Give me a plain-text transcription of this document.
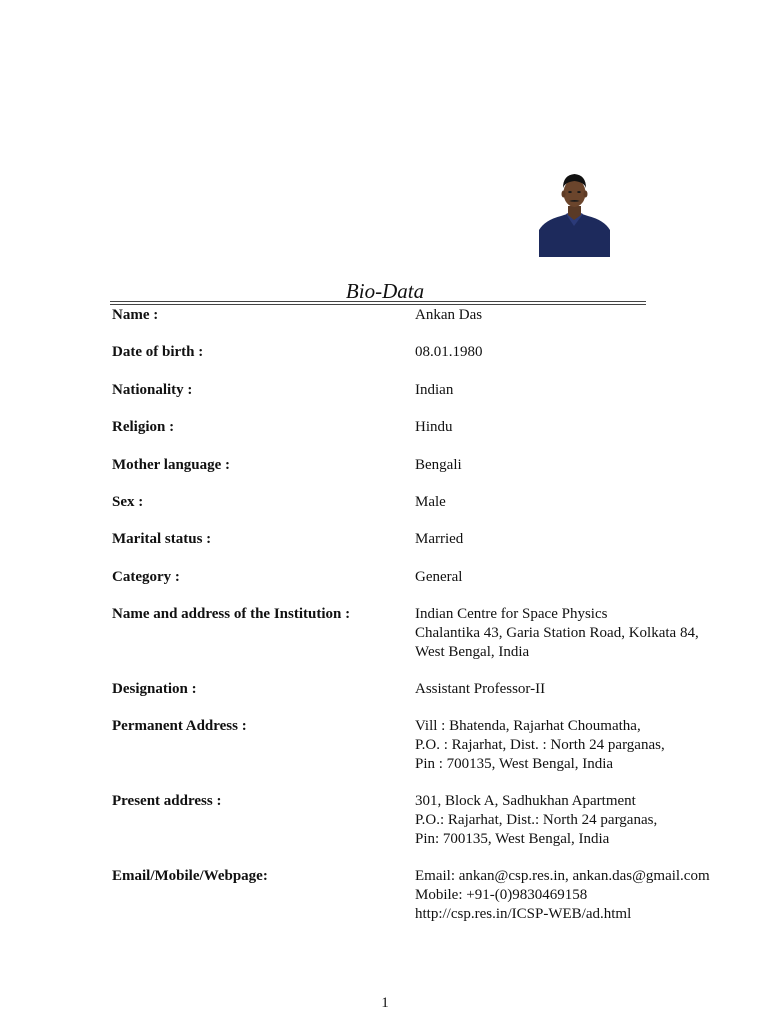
Bio-Data
Name :	Ankan Das
Date of birth :	08.01.1980
Nationality :	Indian
Religion :	Hindu
Mother language :	Bengali
Sex :	Male
Marital status :	Married
Category :	General
Name and address of the Institution :	Indian Centre for Space Physics
Chalantika 43, Garia Station Road, Kolkata 84,
West Bengal, India
Designation :	Assistant Professor-II
Permanent Address :	Vill : Bhatenda, Rajarhat Choumatha,
P.O. : Rajarhat, Dist. : North 24 parganas,
Pin : 700135, West Bengal, India
Present address :	301, Block A, Sadhukhan Apartment
P.O.: Rajarhat, Dist.: North 24 parganas,
Pin: 700135, West Bengal, India
Email/Mobile/Webpage:	Email: ankan@csp.res.in, ankan.das@gmail.com
Mobile: +91-(0)9830469158
http://csp.res.in/ICSP-WEB/ad.html
1
